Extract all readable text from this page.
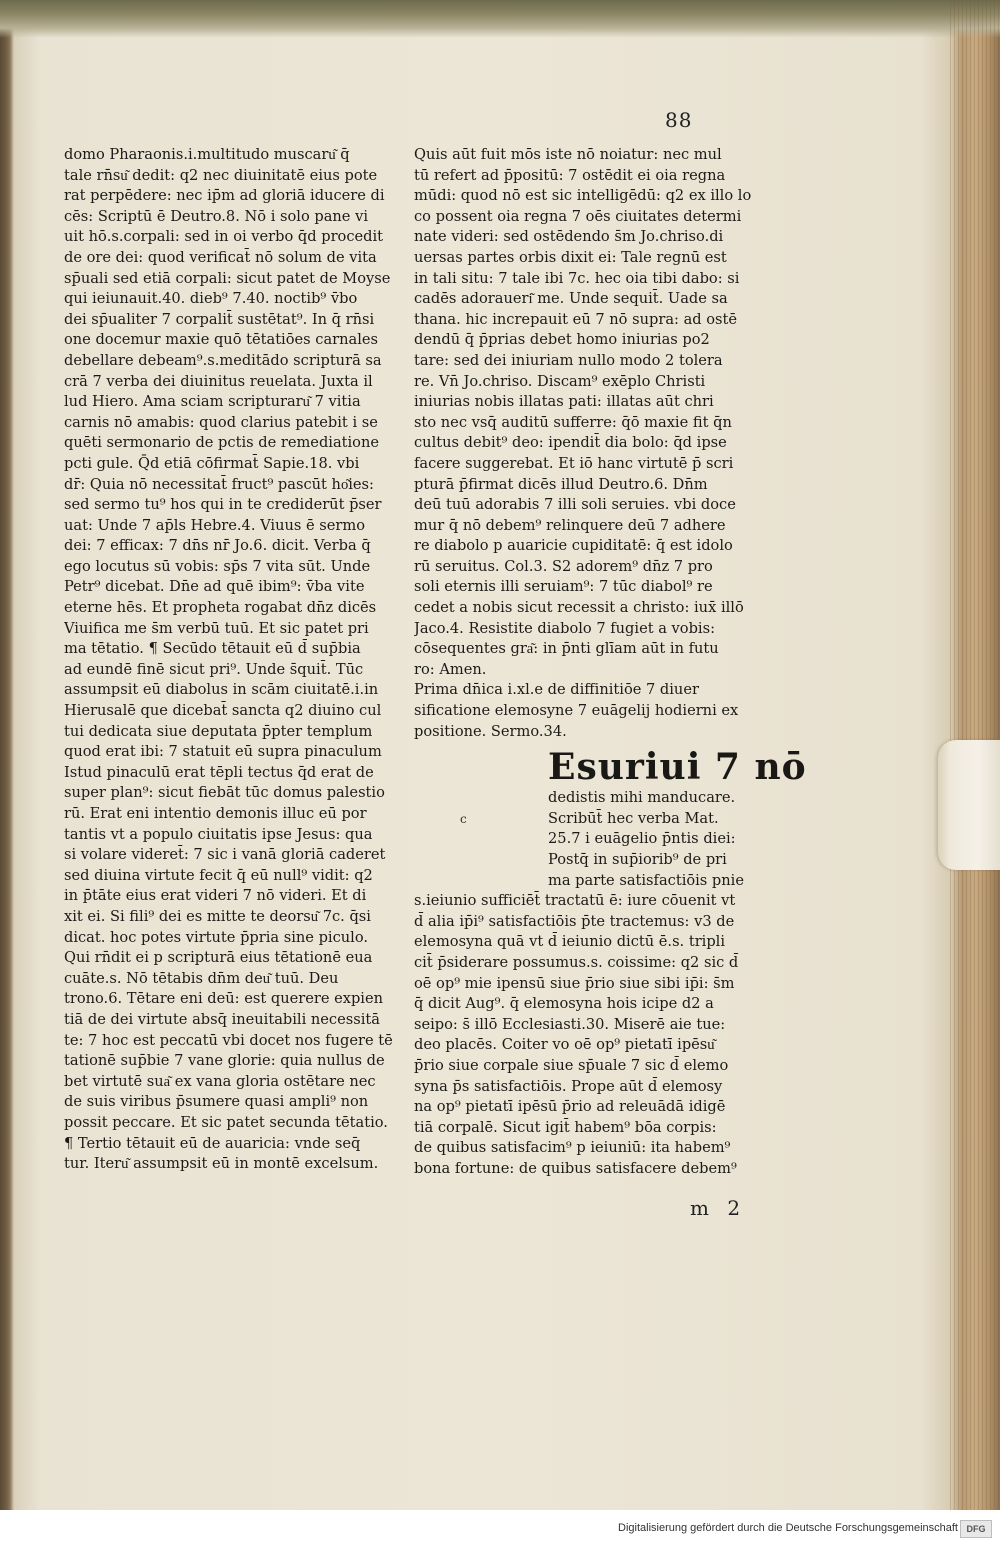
88
domo Pharaonis.i.multitudo muscaru͂ q̄
tale rn̄su͂ dedit: q2 nec diuinitatē eius pote
rat perpēdere: nec ip̄m ad gloriā iducere di
cēs: Scriptū ē Deutro.8. Nō i solo pane vi
uit hō.s.corpali: sed in oi verbo q̄d procedit
de ore dei: quod verificat̄ nō solum de vita
sp̄uali sed etiā corpali: sicut patet de Moyse
qui ieiunauit.40. dieb⁹ 7.40. noctib⁹ v̄bo
dei sp̄ualiter 7 corpalit̄ sustētat⁹. In q̄ rn̄si
one docemur maxie quō tētatiōes carnales
debellare debeam⁹.s.meditādo scripturā sa
crā 7 verba dei diuinitus reuelata. Juxta il
lud Hiero. Ama sciam scripturaru͂ 7 vitia
carnis nō amabis: quod clarius patebit i se
quēti sermonario de pctis de remediatione
pcti gule. Q̄d etiā cōfirmat̄ Sapie.18. vbi
dr̄: Quia nō necessitat̄ fruct⁹ pascūt ho͂ies:
sed sermo tu⁹ hos qui in te crediderūt p̄ser
uat: Unde 7 ap̄ls Hebre.4. Viuus ē sermo
dei: 7 efficax: 7 dn̄s nr̄ Jo.6. dicit. Verba q̄
ego locutus sū vobis: sp̄s 7 vita sūt. Unde
Petr⁹ dicebat. Dn̄e ad quē ibim⁹: v̄ba vite
eterne hēs. Et propheta rogabat dn̄z dicēs
Viuifica me s̄m verbū tuū. Et sic patet pri
ma tētatio. ¶ Secūdo tētauit eū d̄ sup̄bia
ad eundē finē sicut pri⁹. Unde s̄quit̄. Tūc
assumpsit eū diabolus in scām ciuitatē.i.in
Hierusalē que dicebat̄ sancta q2 diuino cul
tui dedicata siue deputata p̄pter templum
quod erat ibi: 7 statuit eū supra pinaculum
Istud pinaculū erat tēpli tectus q̄d erat de
super plan⁹: sicut fiebāt tūc domus palestio
rū. Erat eni intentio demonis illuc eū por
tantis vt a populo ciuitatis ipse Jesus: qua
si volare videret̄: 7 sic i vanā gloriā caderet
sed diuina virtute fecit q̄ eū null⁹ vidit: q2
in p̄tāte eius erat videri 7 nō videri. Et di
xit ei. Si fili⁹ dei es mitte te deorsu͂ 7c. q̄si
dicat. hoc potes virtute p̄pria sine piculo.
Qui rn̄dit ei p scripturā eius tētationē eua
cuāte.s. Nō tētabis dn̄m deu͂ tuū. Deu
trono.6. Tētare eni deū: est querere expien
tiā de dei virtute absq̄ ineuitabili necessitā
te: 7 hoc est peccatū vbi docet nos fugere tē
tationē sup̄bie 7 vane glorie: quia nullus de
bet virtutē sua͂ ex vana gloria ostētare nec
de suis viribus p̄sumere quasi ampli⁹ non
possit peccare. Et sic patet secunda tētatio.
¶ Tertio tētauit eū de auaricia: vnde seq̄
tur. Iteru͂ assumpsit eū in montē excelsum.
Quis aūt fuit mōs iste nō noiatur: nec mul
tū refert ad p̄positū: 7 ostēdit ei oia regna
mūdi: quod nō est sic intelligēdū: q2 ex illo lo
co possent oia regna 7 oēs ciuitates determi
nate videri: sed ostēdendo s̄m Jo.chriso.di
uersas partes orbis dixit ei: Tale regnū est
in tali situ: 7 tale ibi 7c. hec oia tibi dabo: si
cadēs adoraueri͂ me. Unde sequit̄. Uade sa
thana. hic increpauit eū 7 nō supra: ad ostē
dendū q̄ p̄prias debet homo iniurias po2
tare: sed dei iniuriam nullo modo 2 tolera
re. Vn̄ Jo.chriso. Discam⁹ exēplo Christi
iniurias nobis illatas pati: illatas aūt chri
sto nec vsq̄ auditū sufferre: q̄ō maxie fit q̄n
cultus debit⁹ deo: ipendit̄ dia bolo: q̄d ipse
facere suggerebat. Et iō hanc virtutē p̄ scri
pturā p̄firmat dicēs illud Deutro.6. Dn̄m
deū tuū adorabis 7 illi soli seruies. vbi doce
mur q̄ nō debem⁹ relinquere deū 7 adhere
re diabolo p auaricie cupiditatē: q̄ est idolo
rū seruitus. Col.3. S2 adorem⁹ dn̄z 7 pro
soli eternis illi seruiam⁹: 7 tūc diabol⁹ re
cedet a nobis sicut recessit a christo: iux̄ illō
Jaco.4. Resistite diabolo 7 fugiet a vobis:
cōsequentes gra͂: in p̄nti glīam aūt in futu
ro: Amen.
Prima dn̄ica i.xl.e de diffinitiōe 7 diuer
sificatione elemosyne 7 euāgelij hodierni ex
positione. Sermo.34.
Esuriui 7 nō
dedistis mihi manducare.
Scribūt̄ hec verba Mat.
25.7 i euāgelio p̄ntis diei:
Postq̄ in sup̄iorib⁹ de pri
ma parte satisfactiōis pnie
s.ieiunio sufficiēt̄ tractatū ē: iure cōuenit vt
d̄ alia ip̄i⁹ satisfactiōis p̄te tractemus: v3 de
elemosyna quā vt d̄ ieiunio dictū ē.s. tripli
cit̄ p̄siderare possumus.s. coissime: q2 sic d̄
oē op⁹ mie ipensū siue p̄rio siue sibi ip̄i: s̄m
q̄ dicit Aug⁹. q̄ elemosyna hois icipe d2 a
seipo: s̄ illō Ecclesiasti.30. Miserē aie tue:
deo placēs. Coiter vo oē op⁹ pietatī ipēsu͂
p̄rio siue corpale siue sp̄uale 7 sic d̄ elemo
syna p̄s satisfactiōis. Prope aūt d̄ elemosy
na op⁹ pietatī ipēsū p̄rio ad releuādā idigē
tiā corpalē. Sicut igit̄ habem⁹ bōa corpis:
de quibus satisfacim⁹ p ieiuniū: ita habem⁹
bona fortune: de quibus satisfacere debem⁹
c
m 2
Digitalisierung gefördert durch die Deutsche Forschungsgemeinschaft DFG
